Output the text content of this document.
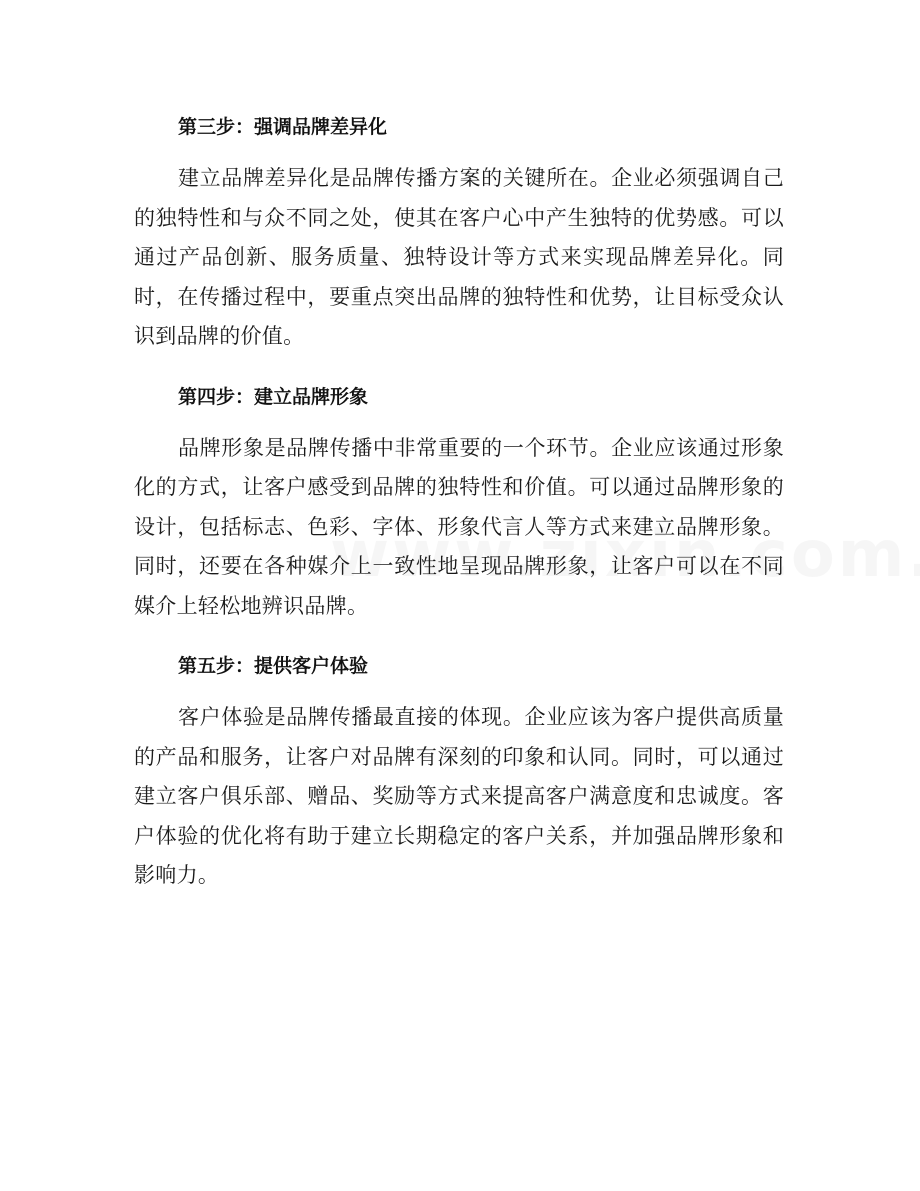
第三步：强调品牌差异化

建立品牌差异化是品牌传播方案的关键所在。企业必须强调自己的独特性和与众不同之处，使其在客户心中产生独特的优势感。可以通过产品创新、服务质量、独特设计等方式来实现品牌差异化。同时，在传播过程中，要重点突出品牌的独特性和优势，让目标受众认识到品牌的价值。

第四步：建立品牌形象

品牌形象是品牌传播中非常重要的一个环节。企业应该通过形象化的方式，让客户感受到品牌的独特性和价值。可以通过品牌形象的设计，包括标志、色彩、字体、形象代言人等方式来建立品牌形象。同时，还要在各种媒介上一致性地呈现品牌形象，让客户可以在不同媒介上轻松地辨识品牌。

第五步：提供客户体验

客户体验是品牌传播最直接的体现。企业应该为客户提供高质量的产品和服务，让客户对品牌有深刻的印象和认同。同时，可以通过建立客户俱乐部、赠品、奖励等方式来提高客户满意度和忠诚度。客户体验的优化将有助于建立长期稳定的客户关系，并加强品牌形象和影响力。
